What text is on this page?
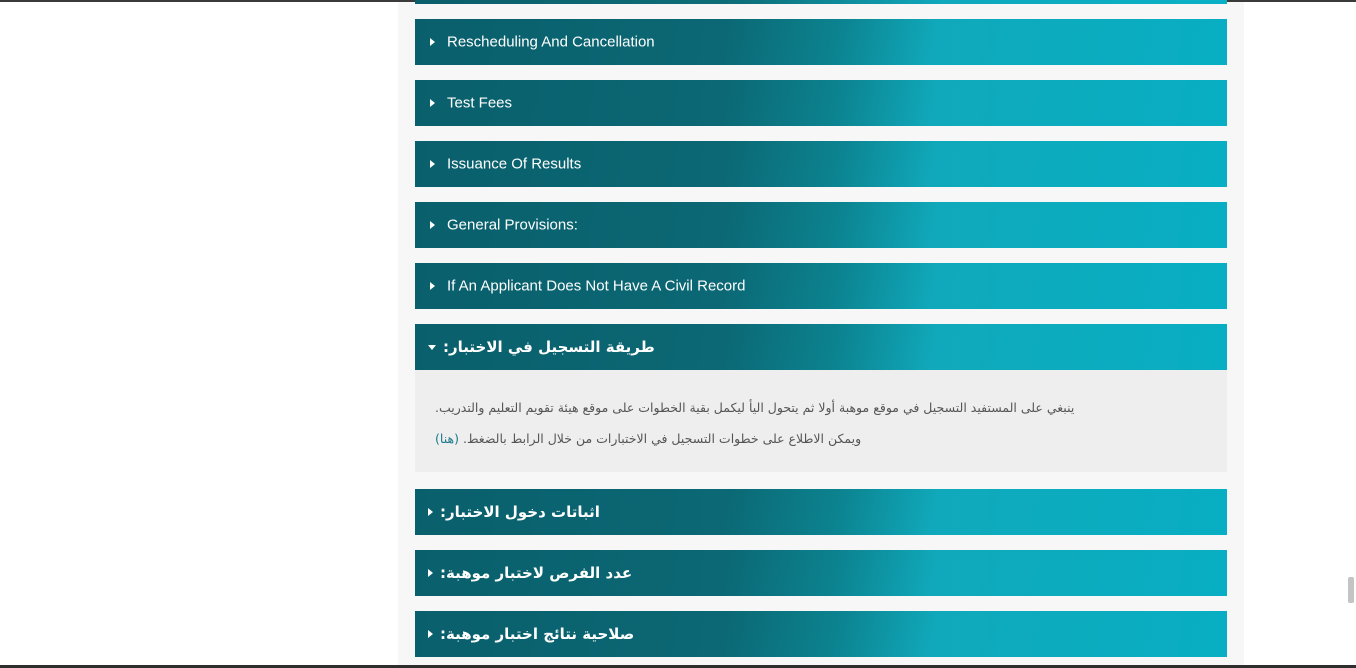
Rescheduling And Cancellation
Test Fees
Issuance Of Results
General Provisions:
If An Applicant Does Not Have A Civil Record
طريقة التسجيل في الاختبار:
.ينبغي على المستفيد التسجيل في موقع موهبة أولا ثم يتحول اليأ ليكمل بقية الخطوات على موقع هيئة تقويم التعليم والتدريب
(هنا) .ويمكن الاطلاع على خطوات التسجيل في الاختبارات من خلال الرابط بالضغط
اثباتات دخول الاختبار:
عدد الفرص لاختبار موهبة:
صلاحية نتائج اختبار موهبة:
